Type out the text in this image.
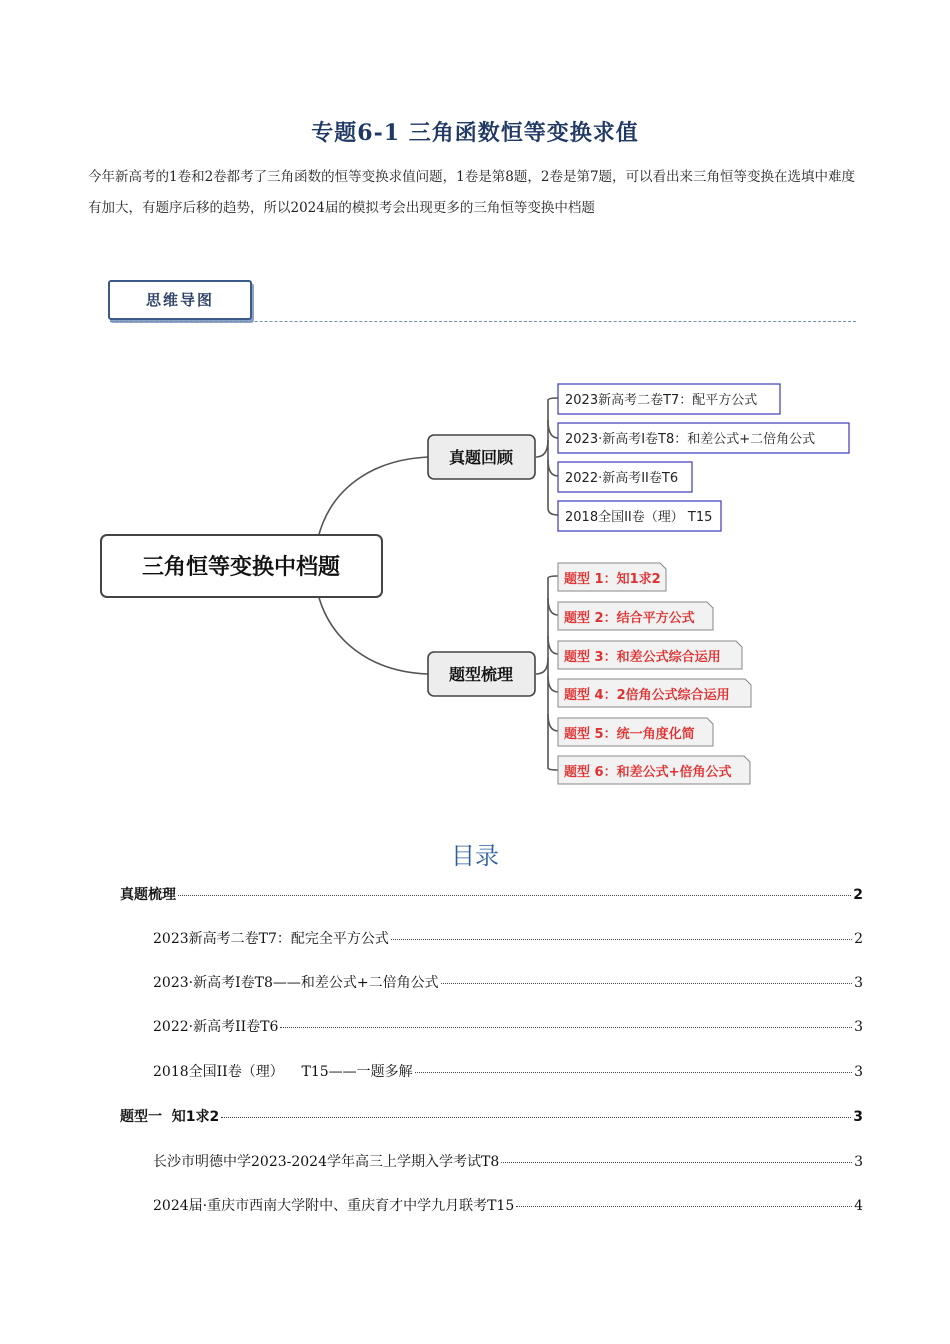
专题6-1 三角函数恒等变换求值
今年新高考的1卷和2卷都考了三角函数的恒等变换求值问题，1卷是第8题，2卷是第7题，可以看出来三角恒等变换在选填中难度有加大，有题序后移的趋势，所以2024届的模拟考会出现更多的三角恒等变换中档题
思维导图
三角恒等变换中档题
真题回顾
题型梳理
2023新高考二卷T7：配平方公式
2023·新高考I卷T8：和差公式+二倍角公式
2022·新高考II卷T6
2018全国II卷（理） T15
题型 1：知1求2
题型 2：结合平方公式
题型 3：和差公式综合运用
题型 4：2倍角公式综合运用
题型 5：统一角度化简
题型 6：和差公式+倍角公式
目录
真题梳理	2
2023新高考二卷T7：配完全平方公式	2
2023·新高考I卷T8——和差公式+二倍角公式	3
2022·新高考II卷T6	3
2018全国II卷（理）    T15——一题多解	3
题型一  知1求2	3
长沙市明德中学2023-2024学年高三上学期入学考试T8	3
2024届·重庆市西南大学附中、重庆育才中学九月联考T15	4
